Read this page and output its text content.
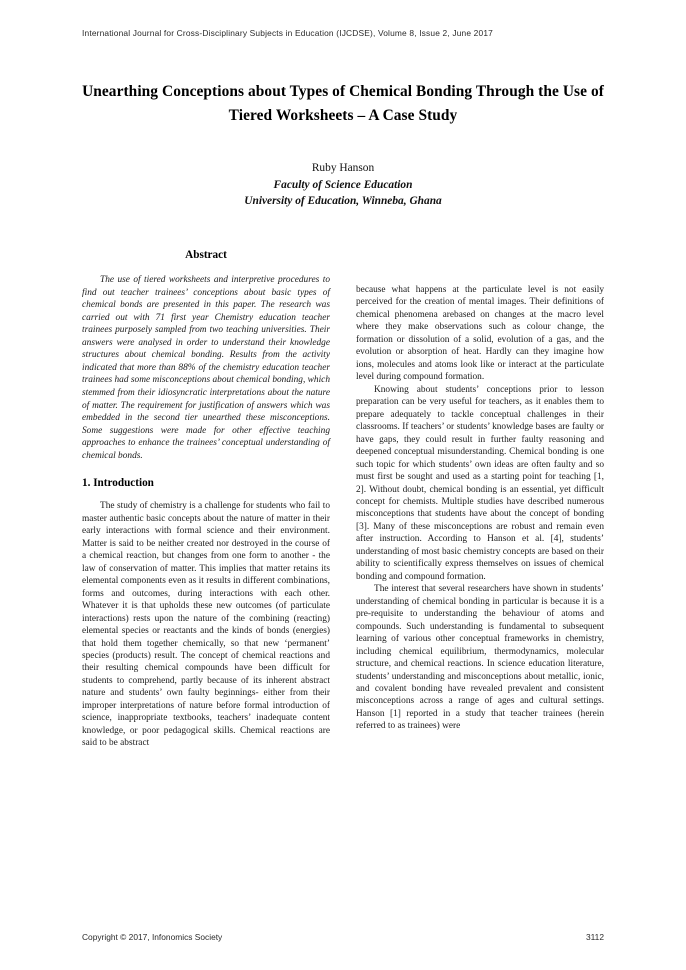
International Journal for Cross-Disciplinary Subjects in Education (IJCDSE), Volume 8, Issue 2, June 2017
Unearthing Conceptions about Types of Chemical Bonding Through the Use of Tiered Worksheets – A Case Study
Ruby Hanson
Faculty of Science Education
University of Education, Winneba, Ghana
Abstract

The use of tiered worksheets and interpretive procedures to find out teacher trainees’ conceptions about basic types of chemical bonds are presented in this paper. The research was carried out with 71 first year Chemistry education teacher trainees purposely sampled from two teaching universities. Their answers were analysed in order to understand their knowledge structures about chemical bonding. Results from the activity indicated that more than 88% of the chemistry education teacher trainees had some misconceptions about chemical bonding, which stemmed from their idiosyncratic interpretations about the nature of matter. The requirement for justification of answers which was embedded in the second tier unearthed these misconceptions. Some suggestions were made for other effective teaching approaches to enhance the trainees’ conceptual understanding of chemical bonds.

1. Introduction

The study of chemistry is a challenge for students who fail to master authentic basic concepts about the nature of matter in their early interactions with formal science and their environment. Matter is said to be neither created nor destroyed in the course of a chemical reaction, but changes from one form to another - the law of conservation of matter. This implies that matter retains its elemental components even as it results in different combinations, forms and outcomes, during interactions with each other. Whatever it is that upholds these new outcomes (of particulate interactions) rests upon the nature of the combining (reacting) elemental species or reactants and the kinds of bonds (energies) that hold them together chemically, so that new ‘permanent’ species (products) result. The concept of chemical reactions and their resulting chemical compounds have been difficult for students to comprehend, partly because of its inherent abstract nature and students’ own faulty beginnings- either from their improper interpretations of nature before formal introduction of science, inappropriate textbooks, teachers’ inadequate content knowledge, or poor pedagogical skills. Chemical reactions are said to be abstract

because what happens at the particulate level is not easily perceived for the creation of mental images. Their definitions of chemical phenomena arebased on changes at the macro level where they make observations such as colour change, the formation or dissolution of a solid, evolution of a gas, and the evolution or absorption of heat. Hardly can they imagine how ions, molecules and atoms look like or interact at the particulate level during compound formation.

Knowing about students’ conceptions prior to lesson preparation can be very useful for teachers, as it enables them to prepare adequately to tackle conceptual challenges in their classrooms. If teachers’ or students’ knowledge bases are faulty or have gaps, they could result in further faulty reasoning and deepened conceptual misunderstanding. Chemical bonding is one such topic for which students’ own ideas are often faulty and so must first be sought and used as a starting point for teaching [1, 2]. Without doubt, chemical bonding is an essential, yet difficult concept for chemists. Multiple studies have described numerous misconceptions that students have about the concept of bonding [3]. Many of these misconceptions are robust and remain even after instruction. According to Hanson et al. [4], students’ understanding of most basic chemistry concepts are based on their ability to scientifically express themselves on issues of chemical bonding and compound formation.

The interest that several researchers have shown in students’ understanding of chemical bonding in particular is because it is a pre-requisite to understanding the behaviour of atoms and compounds. Such understanding is fundamental to subsequent learning of various other conceptual frameworks in chemistry, including chemical equilibrium, thermodynamics, molecular structure, and chemical reactions. In science education literature, students’ understanding and misconceptions about metallic, ionic, and covalent bonding have revealed prevalent and consistent misconceptions across a range of ages and cultural settings. Hanson [1] reported in a study that teacher trainees (herein referred to as trainees) were

Copyright © 2017, Infonomics Society	3112
